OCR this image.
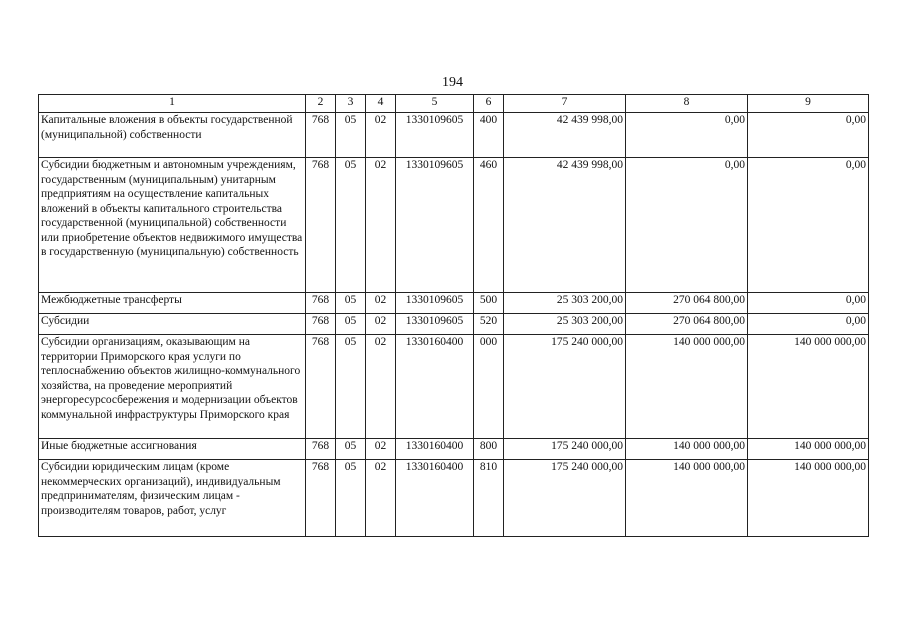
194
1	2	3	4	5	6	7	8	9
Капитальные вложения в объекты государственной (муниципальной) собственности	768	05	02	1330109605	400	42 439 998,00	0,00	0,00
Субсидии бюджетным и автономным учреждениям, государственным (муниципальным) унитарным предприятиям на осуществление капитальных вложений в объекты капитального строительства государственной (муниципальной) собственности или приобретение объектов недвижимого имущества в государственную (муниципальную) собственность	768	05	02	1330109605	460	42 439 998,00	0,00	0,00
Межбюджетные трансферты	768	05	02	1330109605	500	25 303 200,00	270 064 800,00	0,00
Субсидии	768	05	02	1330109605	520	25 303 200,00	270 064 800,00	0,00
Субсидии организациям, оказывающим на территории Приморского края услуги по теплоснабжению объектов жилищно-коммунального хозяйства, на проведение мероприятий энергоресурсосбережения и модернизации объектов коммунальной инфраструктуры Приморского края	768	05	02	1330160400	000	175 240 000,00	140 000 000,00	140 000 000,00
Иные бюджетные ассигнования	768	05	02	1330160400	800	175 240 000,00	140 000 000,00	140 000 000,00
Субсидии юридическим лицам (кроме некоммерческих организаций), индивидуальным предпринимателям, физическим лицам - производителям товаров, работ, услуг	768	05	02	1330160400	810	175 240 000,00	140 000 000,00	140 000 000,00
